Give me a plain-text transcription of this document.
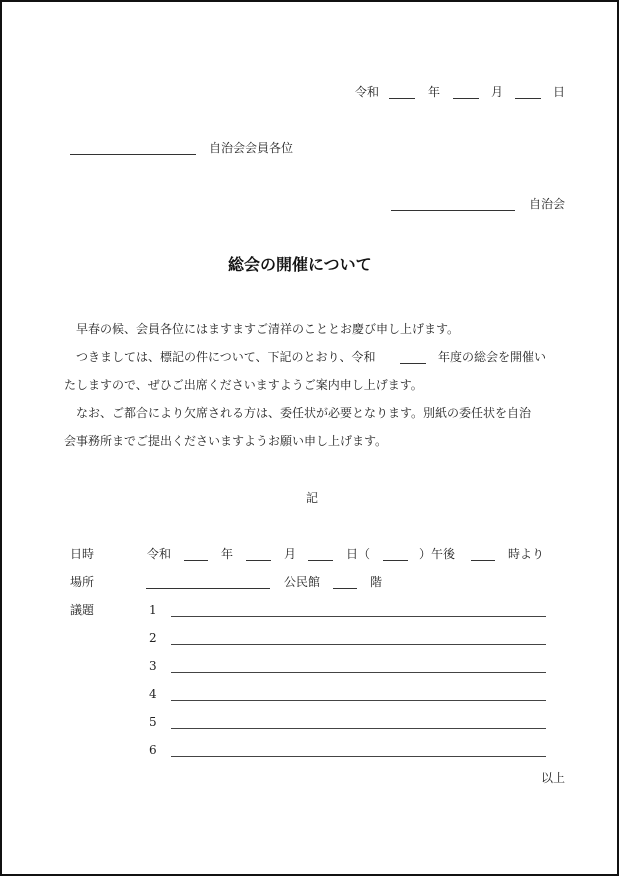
令和	年	月	日
自治会会員各位
自治会
総会の開催について
早春の候、会員各位にはますますご清祥のこととお慶び申し上げます。
つきましては、標記の件について、下記のとおり、令和	年度の総会を開催い
たしますので、ぜひご出席くださいますようご案内申し上げます。
なお、ご都合により欠席される方は、委任状が必要となります。別紙の委任状を自治
会事務所までご提出くださいますようお願い申し上げます。
記
日時	令和	年	月	日（	）午後	時より
場所	公民館	階
議題	1
2
3
4
5
6
以上
